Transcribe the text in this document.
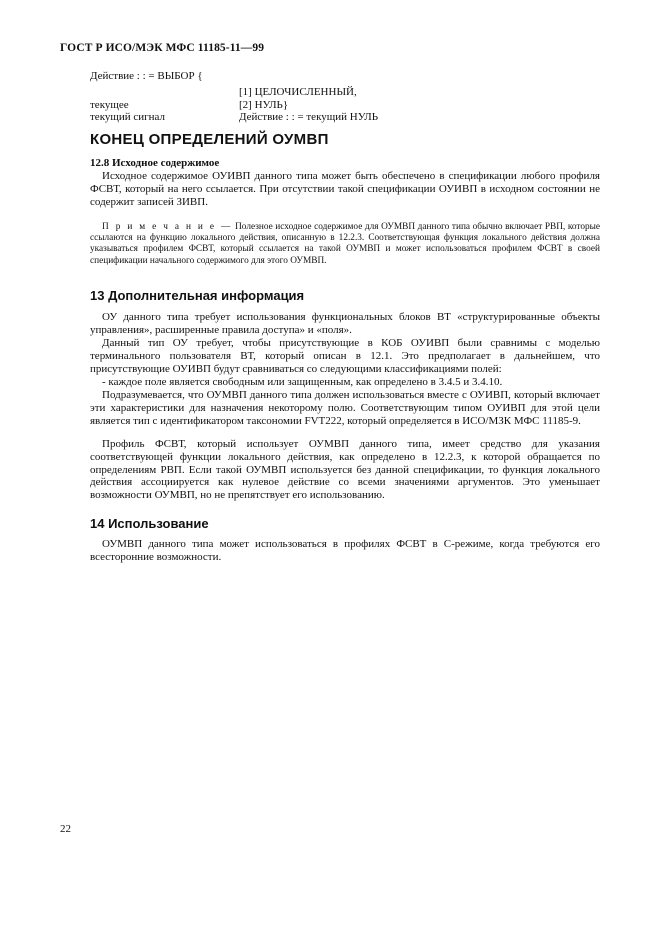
ГОСТ Р ИСО/МЭК МФС 11185-11—99
Действие : : = ВЫБОР {
[1] ЦЕЛОЧИСЛЕННЫЙ,
текущее	[2] НУЛЬ}
текущий сигнал	Действие : : = текущий НУЛЬ
КОНЕЦ ОПРЕДЕЛЕНИЙ ОУМВП
12.8 Исходное содержимое

Исходное содержимое ОУИВП данного типа может быть обеспечено в спецификации любого профиля ФСВТ, который на него ссылается. При отсутствии такой спецификации ОУИВП в исходном состоянии не содержит записей ЗИВП.

П р и м е ч а н и е — Полезное исходное содержимое для ОУМВП данного типа обычно включает РВП, которые ссылаются на функцию локального действия, описанную в 12.2.3. Соответствующая функция локального действия должна указываться профилем ФСВТ, который ссылается на такой ОУМВП и может использоваться профилем ФСВТ в своей спецификации начального содержимого для этого ОУМВП.

13 Дополнительная информация

ОУ данного типа требует использования функциональных блоков ВТ «структурированные объекты управления», расширенные правила доступа» и «поля».

Данный тип ОУ требует, чтобы присутствующие в КОБ ОУИВП были сравнимы с моделью терминального пользователя ВТ, который описан в 12.1. Это предполагает в дальнейшем, что присутствующие ОУИВП будут сравниваться со следующими классификациями полей:

- каждое поле является свободным или защищенным, как определено в 3.4.5 и 3.4.10.

Подразумевается, что ОУМВП данного типа должен использоваться вместе с ОУИВП, который включает эти характеристики для назначения некоторому полю. Соответствующим типом ОУИВП для этой цели является тип с идентификатором таксономии FVT222, который определяется в ИСО/МЗК МФС 11185-9.

Профиль ФСВТ, который использует ОУМВП данного типа, имеет средство для указания соответствующей функции локального действия, как определено в 12.2.3, к которой обращается по определениям РВП. Если такой ОУМВП используется без данной спецификации, то функция локального действия ассоциируется как нулевое действие со всеми значениями аргументов. Это уменьшает возможности ОУМВП, но не препятствует его использованию.

14 Использование

ОУМВП данного типа может использоваться в профилях ФСВТ в С-режиме, когда требуются его всесторонние возможности.

22
